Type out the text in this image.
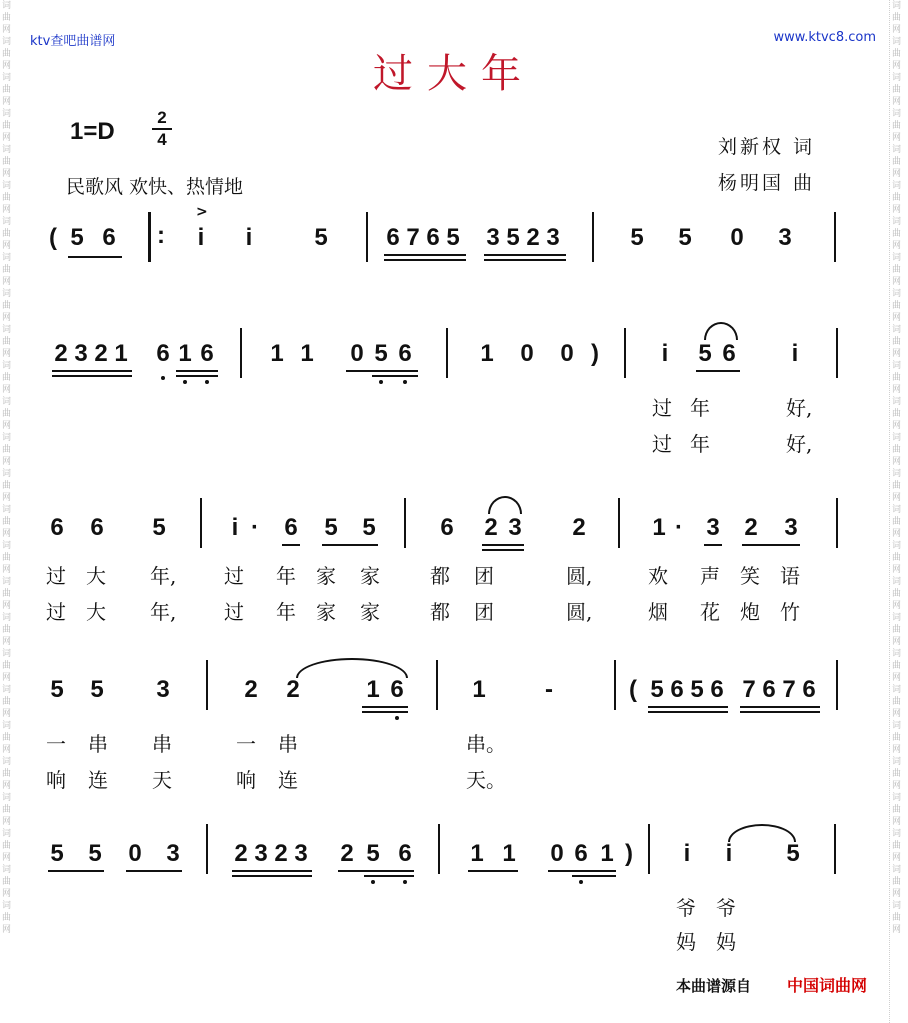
词曲网词曲网词曲网词曲网词曲网词曲网词曲网词曲网词曲网词曲网词曲网词曲网词曲网词曲网词曲网词曲网词曲网词曲网词曲网词曲网词曲网词曲网词曲网词曲网词曲网词曲网
词曲网词曲网词曲网词曲网词曲网词曲网词曲网词曲网词曲网词曲网词曲网词曲网词曲网词曲网词曲网词曲网词曲网词曲网词曲网词曲网词曲网词曲网词曲网词曲网词曲网词曲网
ktv查吧曲谱网	www.ktvc8.com
过大年
1=D
2
4
民歌风 欢快、热情地
刘新权 词
杨明国 曲
( 5 6 :
>
i i	5 6 7 6 5 3 5 2 3	5 5 0 3
2 3 2 1 6 1 6 1 1 0 5 6	1 0 0 )	i 5 6 i
过 年	好,
过 年	好,
6 6 5	i · 6 5 5	6 2 3 2	1 · 3 2 3
过 大 年, 过 年 家 家	都 团	圆,	欢 声 笑 语
过 大 年, 过 年 家 家	都 团	圆,	烟 花 炮 竹
5 5 3	2 2	1 6	1 -	( 5 6 5 6 7 6 7 6
一 串 串	一 串	串。
响 连 天	响 连	天。
5 5 0 3 2 3 2 3 2 5 6 1 1 0 6 1 ) i i 5
爷 爷
妈 妈
本曲谱源自 中国词曲网
